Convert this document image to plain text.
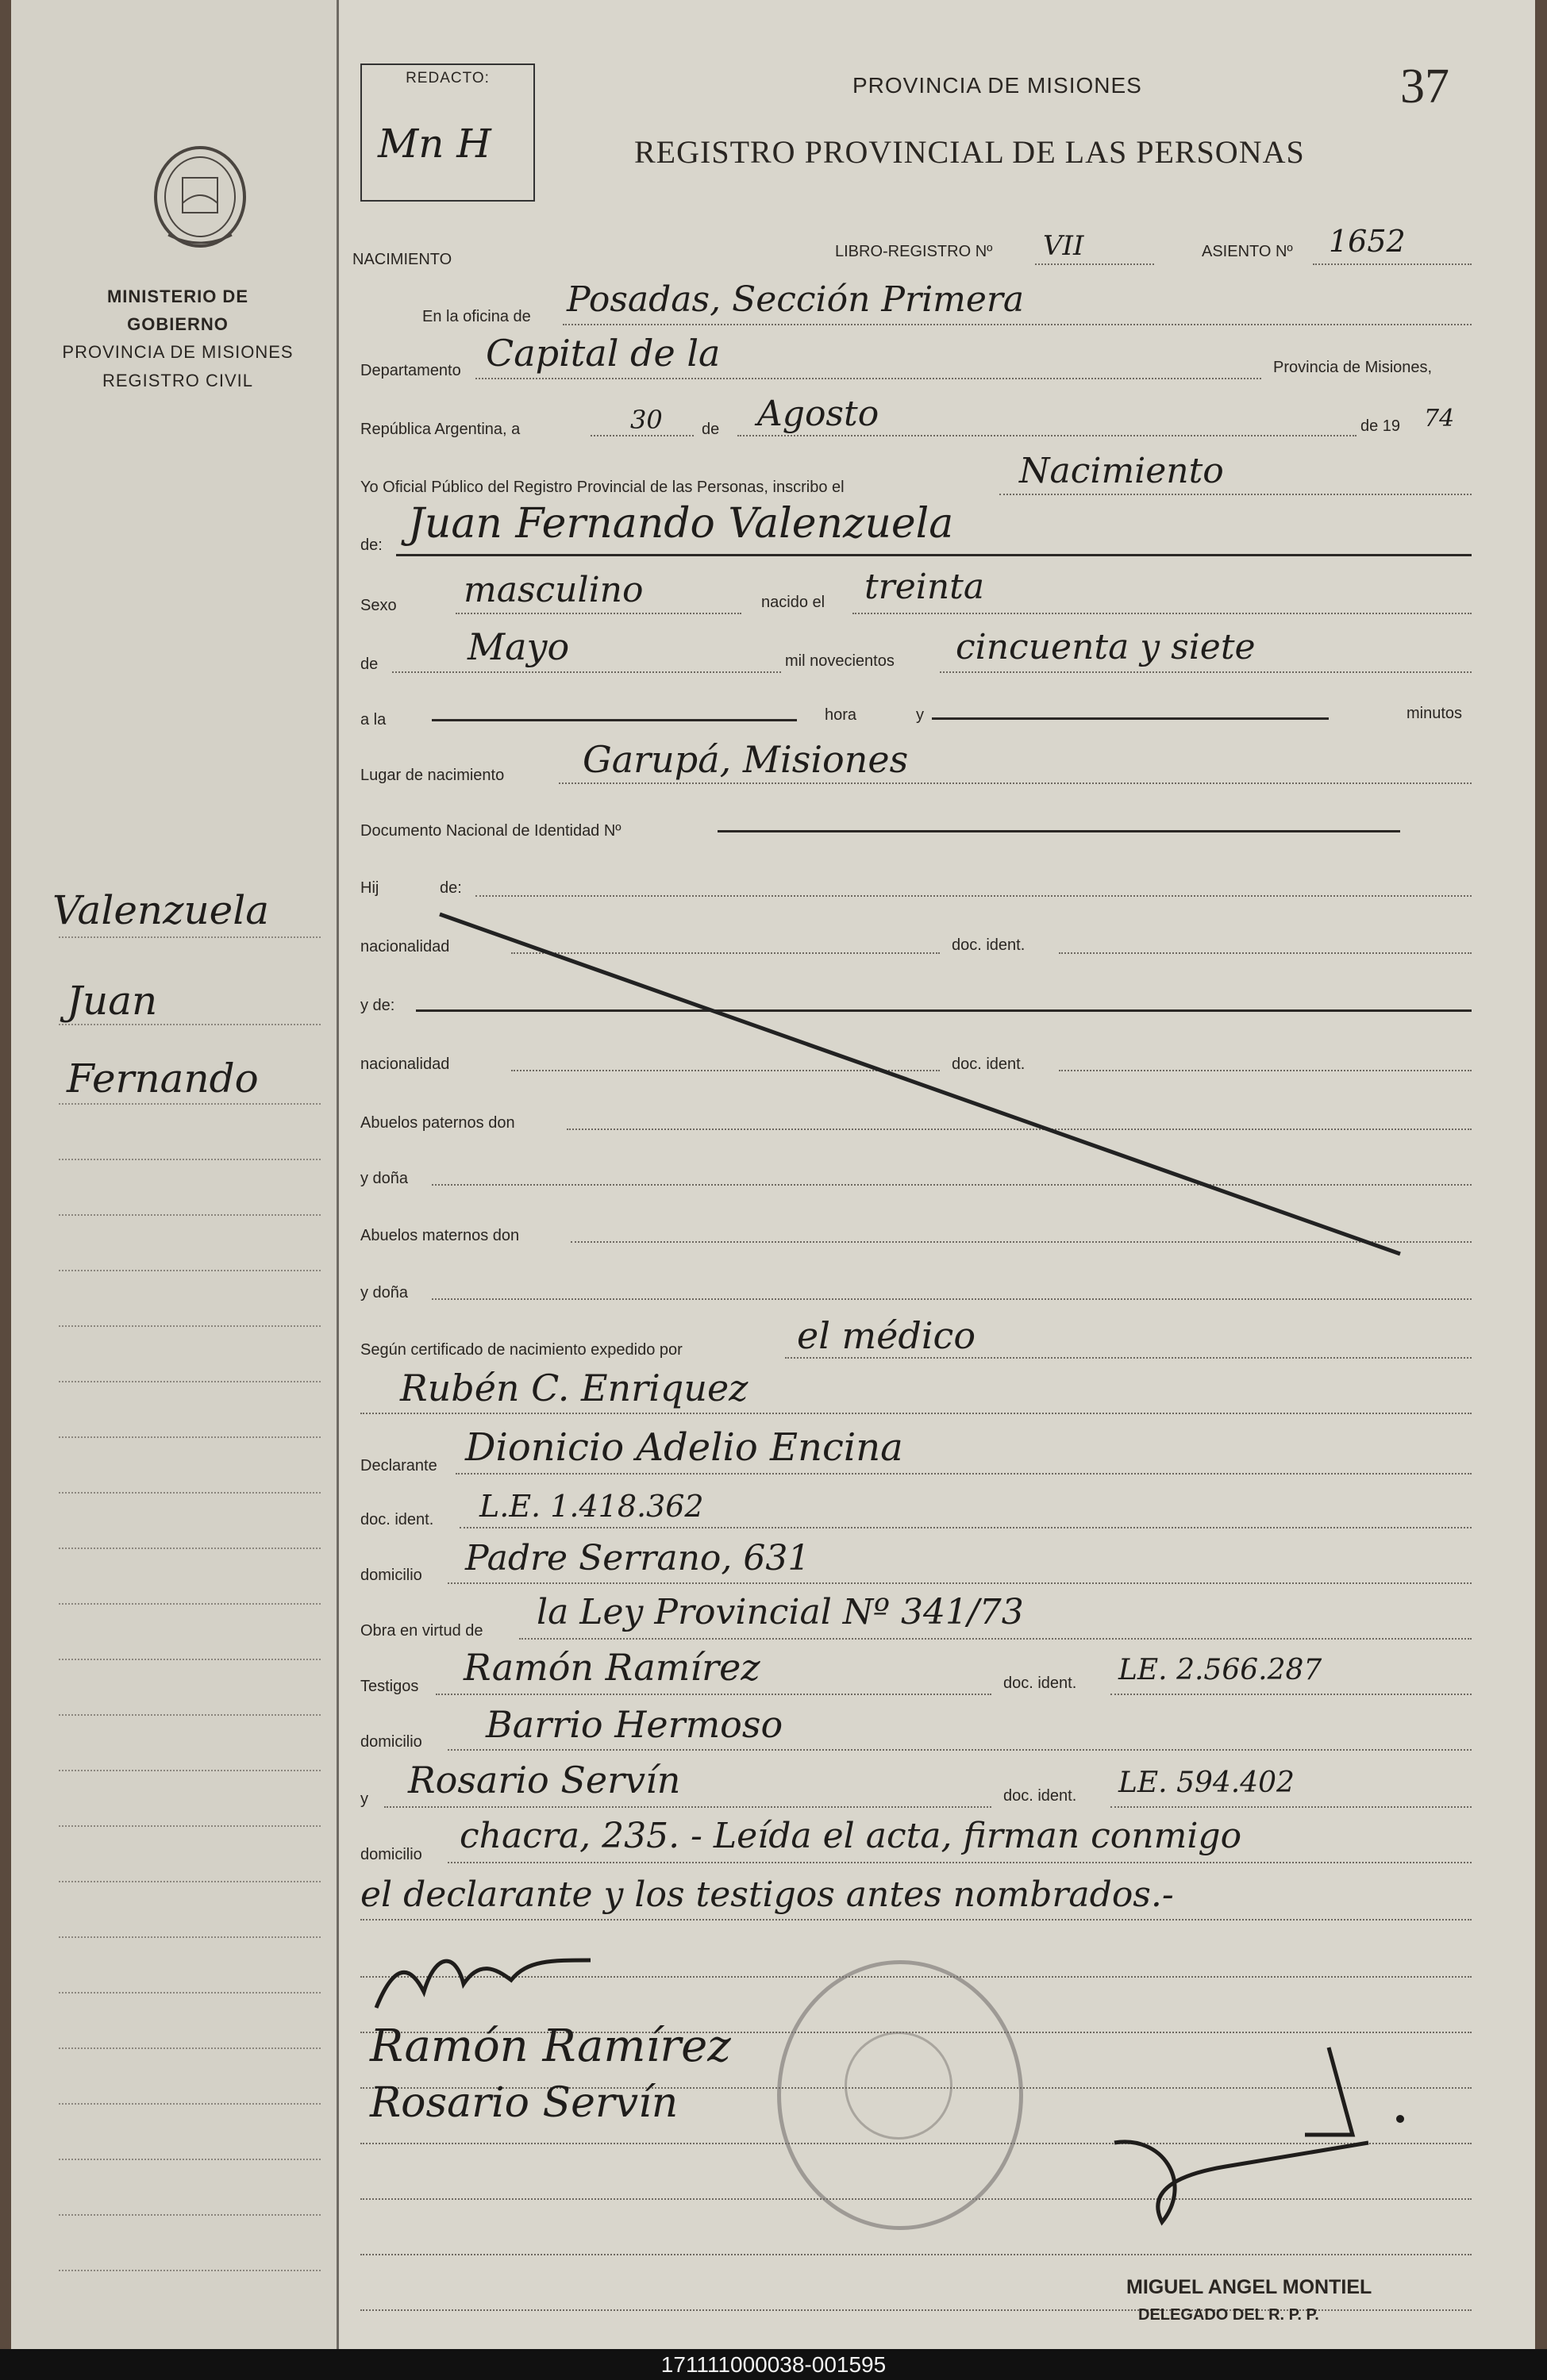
MINISTERIO DE GOBIERNO
PROVINCIA DE MISIONES
REGISTRO CIVIL
Valenzuela
Juan
Fernando
REDACTO:
Mn H
PROVINCIA DE MISIONES
REGISTRO PROVINCIAL DE LAS PERSONAS
37
NACIMIENTO	LIBRO-REGISTRO Nº VII	ASIENTO Nº 1652
En la oficina de Posadas, Sección Primera
Departamento Capital de la	Provincia de Misiones,
República Argentina, a	30 de Agosto	de 19 74
Yo Oficial Público del Registro Provincial de las Personas, inscribo el	Nacimiento
de: Juan Fernando Valenzuela
Sexo masculino	nacido el treinta
de Mayo	mil novecientos cincuenta y siete
a la	hora	y	minutos
Lugar de nacimiento Garupá, Misiones
Documento Nacional de Identidad Nº
Hij	de:
nacionalidad	doc. ident.
y de:
nacionalidad	doc. ident.
Abuelos paternos don
y doña
Abuelos maternos don
y doña
Según certificado de nacimiento expedido por	el médico
Rubén C. Enriquez
Declarante Dionicio Adelio Encina
doc. ident. L.E. 1.418.362
domicilio Padre Serrano, 631
Obra en virtud de la Ley Provincial Nº 341/73
Testigos Ramón Ramírez	doc. ident. LE. 2.566.287
domicilio Barrio Hermoso
y Rosario Servín	doc. ident. LE. 594.402
domicilio chacra, 235. - Leída el acta, firman conmigo
el declarante y los testigos antes nombrados.-
Ramón Ramírez
Rosario Servín
MIGUEL ANGEL MONTIEL
DELEGADO DEL R. P. P.
171111000038-001595
